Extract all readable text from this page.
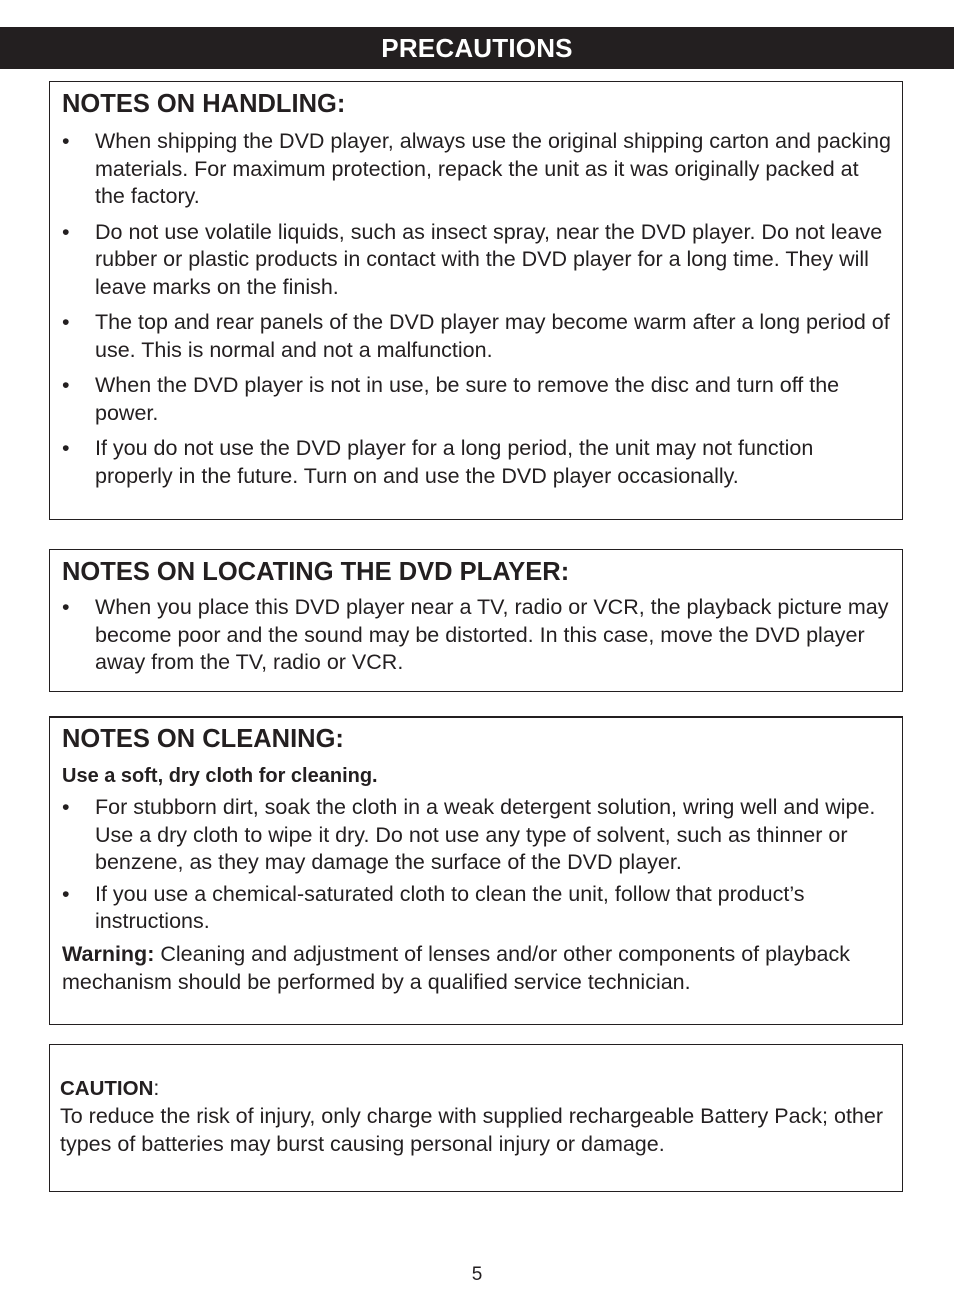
PRECAUTIONS
NOTES ON HANDLING:
• When shipping the DVD player, always use the original shipping carton and packing materials. For maximum protection, repack the unit as it was originally packed at the factory.
• Do not use volatile liquids, such as insect spray, near the DVD player. Do not leave rubber or plastic products in contact with the DVD player for a long time. They will leave marks on the finish.
• The top and rear panels of the DVD player may become warm after a long period of use. This is normal and not a malfunction.
• When the DVD player is not in use, be sure to remove the disc and turn off the power.
• If you do not use the DVD player for a long period, the unit may not function properly in the future. Turn on and use the DVD player occasionally.
NOTES ON LOCATING THE DVD PLAYER:
• When you place this DVD player near a TV, radio or VCR, the playback picture may become poor and the sound may be distorted. In this case, move the DVD player away from the TV, radio or VCR.
NOTES ON CLEANING:

Use a soft, dry cloth for cleaning.

• For stubborn dirt, soak the cloth in a weak detergent solution, wring well and wipe. Use a dry cloth to wipe it dry. Do not use any type of solvent, such as thinner or benzene, as they may damage the surface of the DVD player.
• If you use a chemical-saturated cloth to clean the unit, follow that product’s instructions.

Warning: Cleaning and adjustment of lenses and/or other components of playback mechanism should be performed by a qualified service technician.

CAUTION:

To reduce the risk of injury, only charge with supplied rechargeable Battery Pack; other types of batteries may burst causing personal injury or damage.

5
